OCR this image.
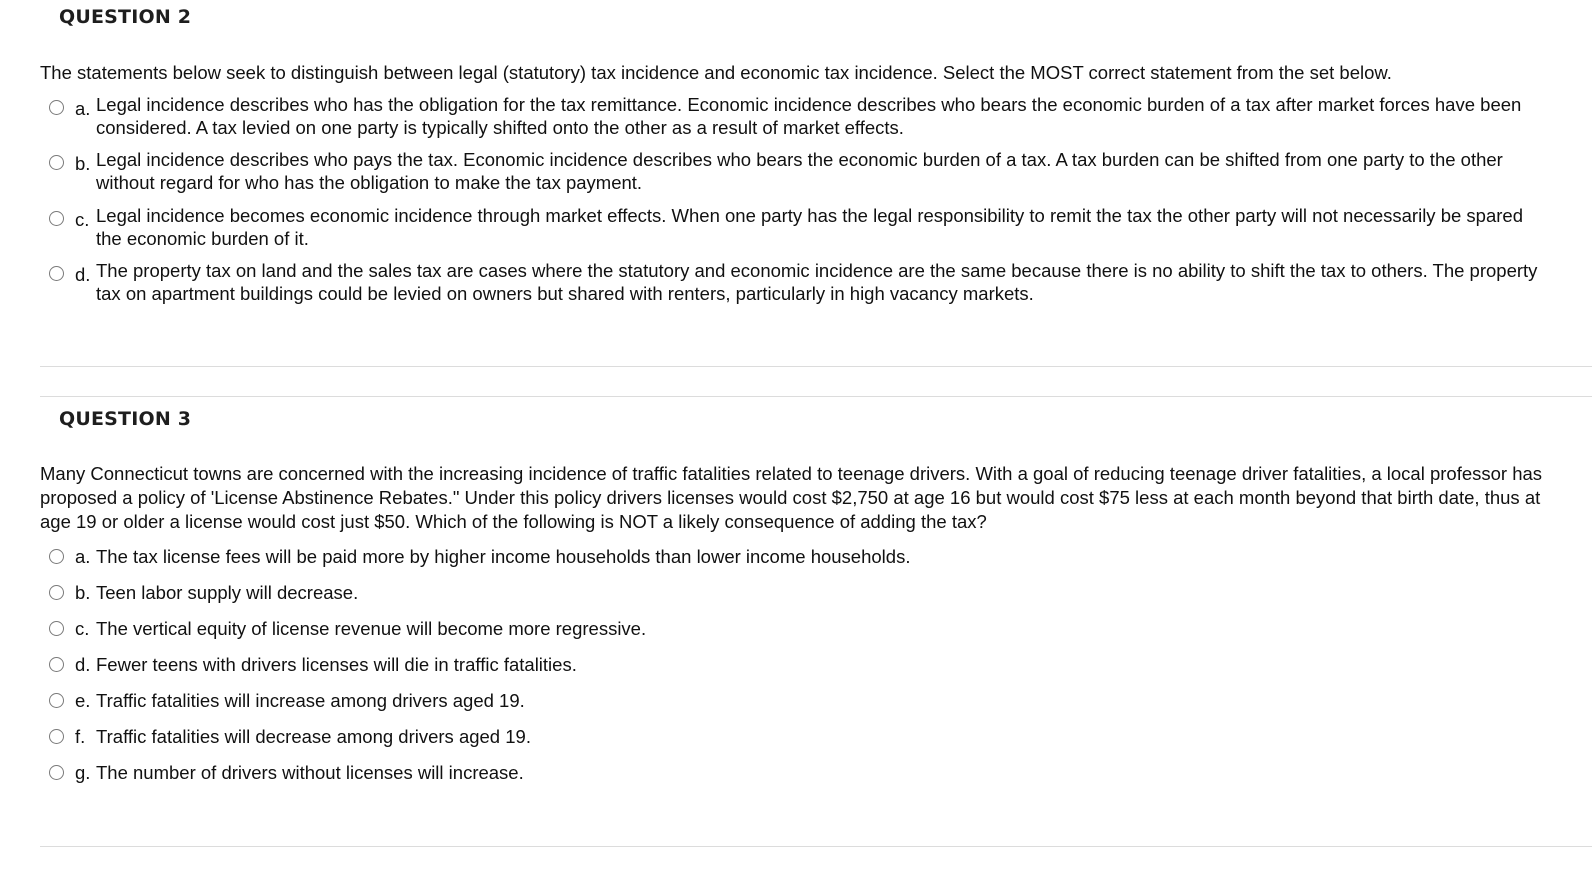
QUESTION 2
The statements below seek to distinguish between legal (statutory) tax incidence and economic tax incidence. Select the MOST correct statement from the set below.
a. Legal incidence describes who has the obligation for the tax remittance. Economic incidence describes who bears the economic burden of a tax after market forces have been considered. A tax levied on one party is typically shifted onto the other as a result of market effects.
b. Legal incidence describes who pays the tax. Economic incidence describes who bears the economic burden of a tax. A tax burden can be shifted from one party to the other without regard for who has the obligation to make the tax payment.
c. Legal incidence becomes economic incidence through market effects. When one party has the legal responsibility to remit the tax the other party will not necessarily be spared the economic burden of it.
d. The property tax on land and the sales tax are cases where the statutory and economic incidence are the same because there is no ability to shift the tax to others. The property tax on apartment buildings could be levied on owners but shared with renters, particularly in high vacancy markets.
QUESTION 3
Many Connecticut towns are concerned with the increasing incidence of traffic fatalities related to teenage drivers. With a goal of reducing teenage driver fatalities, a local professor has proposed a policy of 'License Abstinence Rebates." Under this policy drivers licenses would cost $2,750 at age 16 but would cost $75 less at each month beyond that birth date, thus at age 19 or older a license would cost just $50. Which of the following is NOT a likely consequence of adding the tax?
a. The tax license fees will be paid more by higher income households than lower income households.
b. Teen labor supply will decrease.
c. The vertical equity of license revenue will become more regressive.
d. Fewer teens with drivers licenses will die in traffic fatalities.
e. Traffic fatalities will increase among drivers aged 19.
f. Traffic fatalities will decrease among drivers aged 19.
g. The number of drivers without licenses will increase.
